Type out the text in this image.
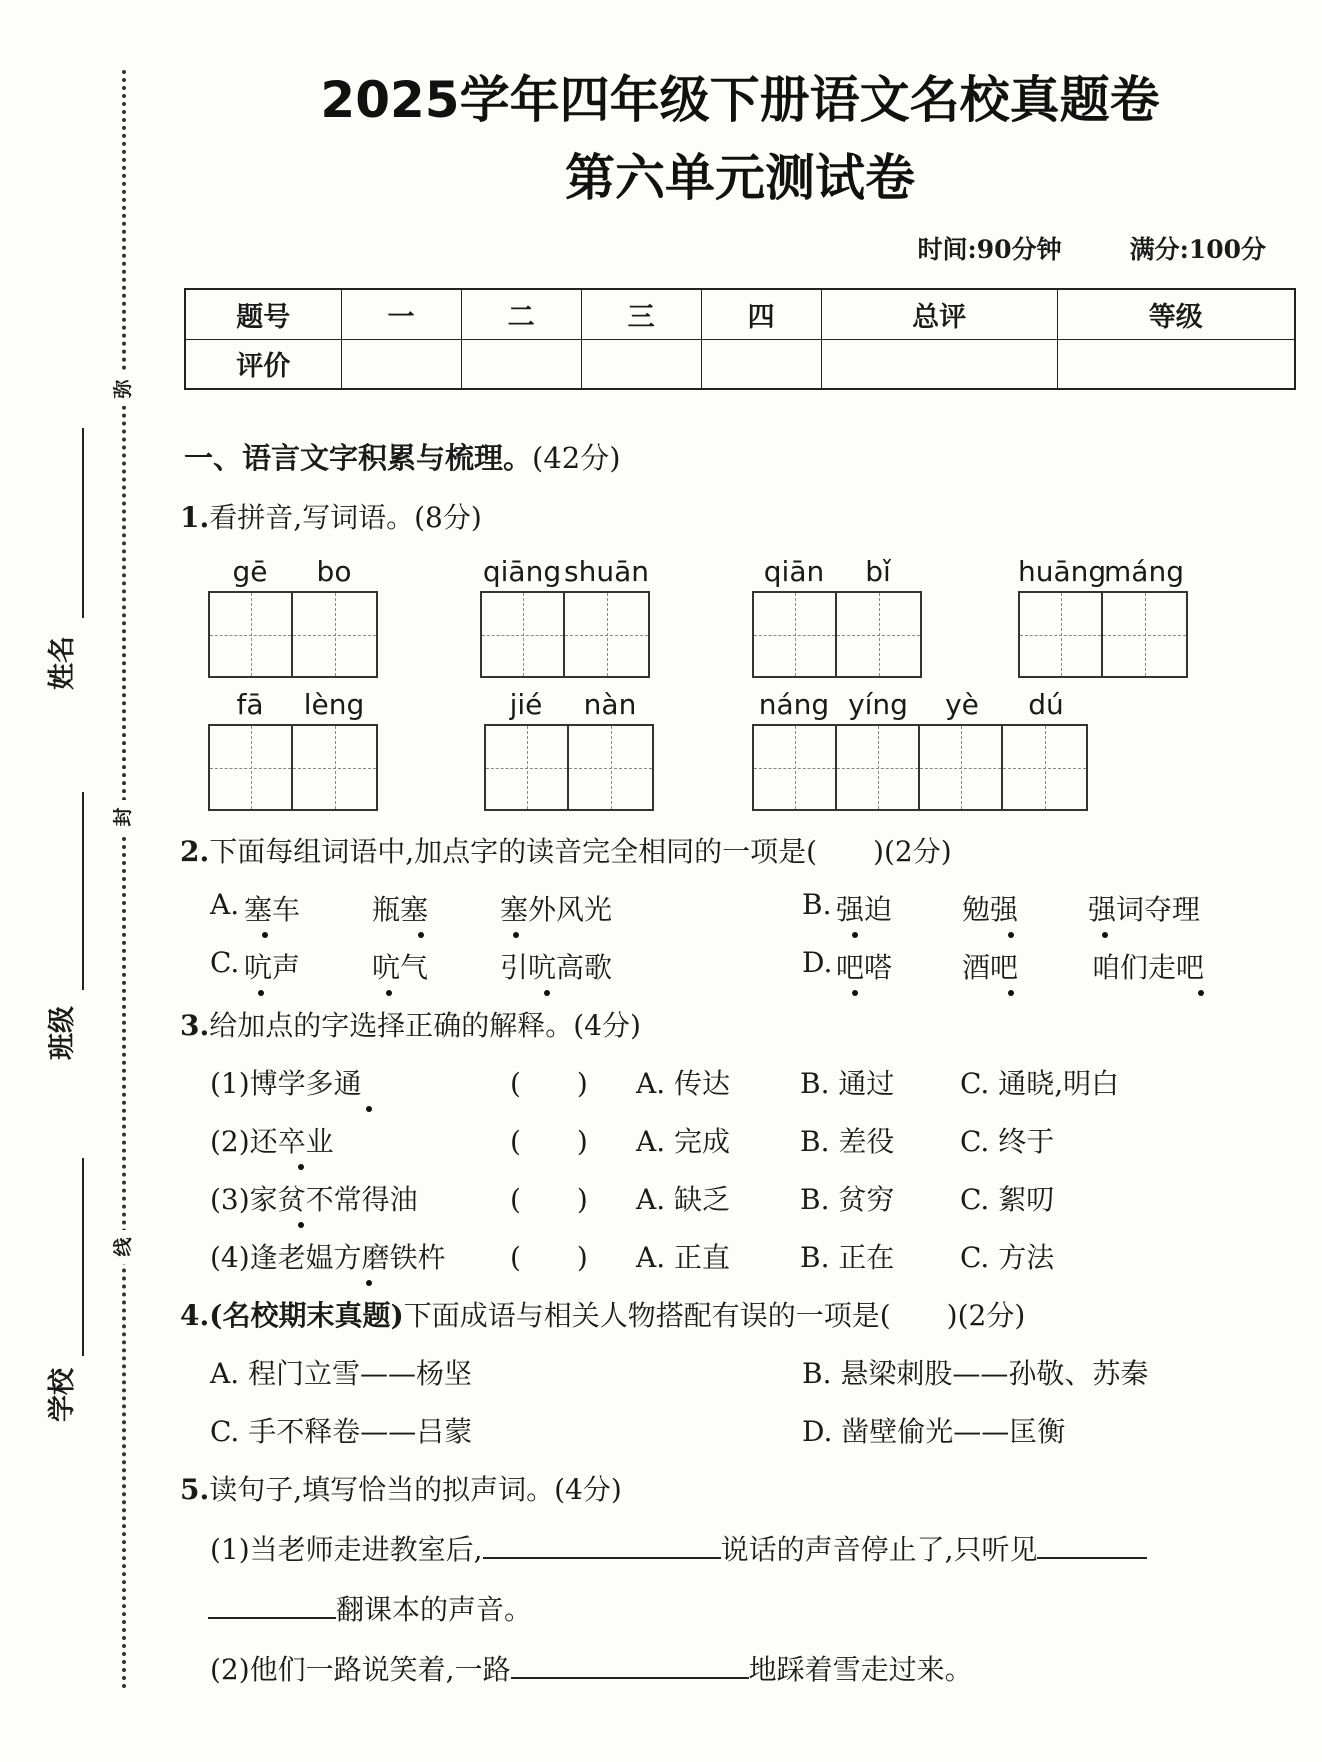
弥
封
线
姓名
班级
学校
2025学年四年级下册语文名校真题卷
第六单元测试卷
时间:90分钟	满分:100分
题号	一	二	三	四	总评	等级
评价						
一、语言文字积累与梳理。(42分)
1.看拼音,写词语。(8分)
gē	bo	qiāng shuān	qiān	bǐ	huāng
máng
fā	lèng	jié	nàn	náng yíng	yè	dú
2.下面每组词语中,加点字的读音完全相同的一项是(　　)(2分)
A. 塞车	瓶塞	塞外风光	B. 强迫 勉强 强词夺理
C. 吭声	吭气	引吭高歌	D. 吧嗒 酒吧	咱们走吧
3.给加点的字选择正确的解释。(4分)
(1)博学多通	(　　) A. 传达 B. 通过 C. 通晓,明白
(2)还卒业	(　　) A. 完成 B. 差役 C. 终于
(3)家贫不常得油	(　　) A. 缺乏 B. 贫穷 C. 絮叨
(4)逢老媪方磨铁杵 (　　) A. 正直 B. 正在 C. 方法
4.(名校期末真题)下面成语与相关人物搭配有误的一项是(　　)(2分)
A. 程门立雪——杨坚	B. 悬梁刺股——孙敬、苏秦
C. 手不释卷——吕蒙	D. 凿壁偷光——匡衡
5.读句子,填写恰当的拟声词。(4分)
(1)当老师走进教室后,	说话的声音停止了,只听见
翻课本的声音。
(2)他们一路说笑着,一路	地踩着雪走过来。
